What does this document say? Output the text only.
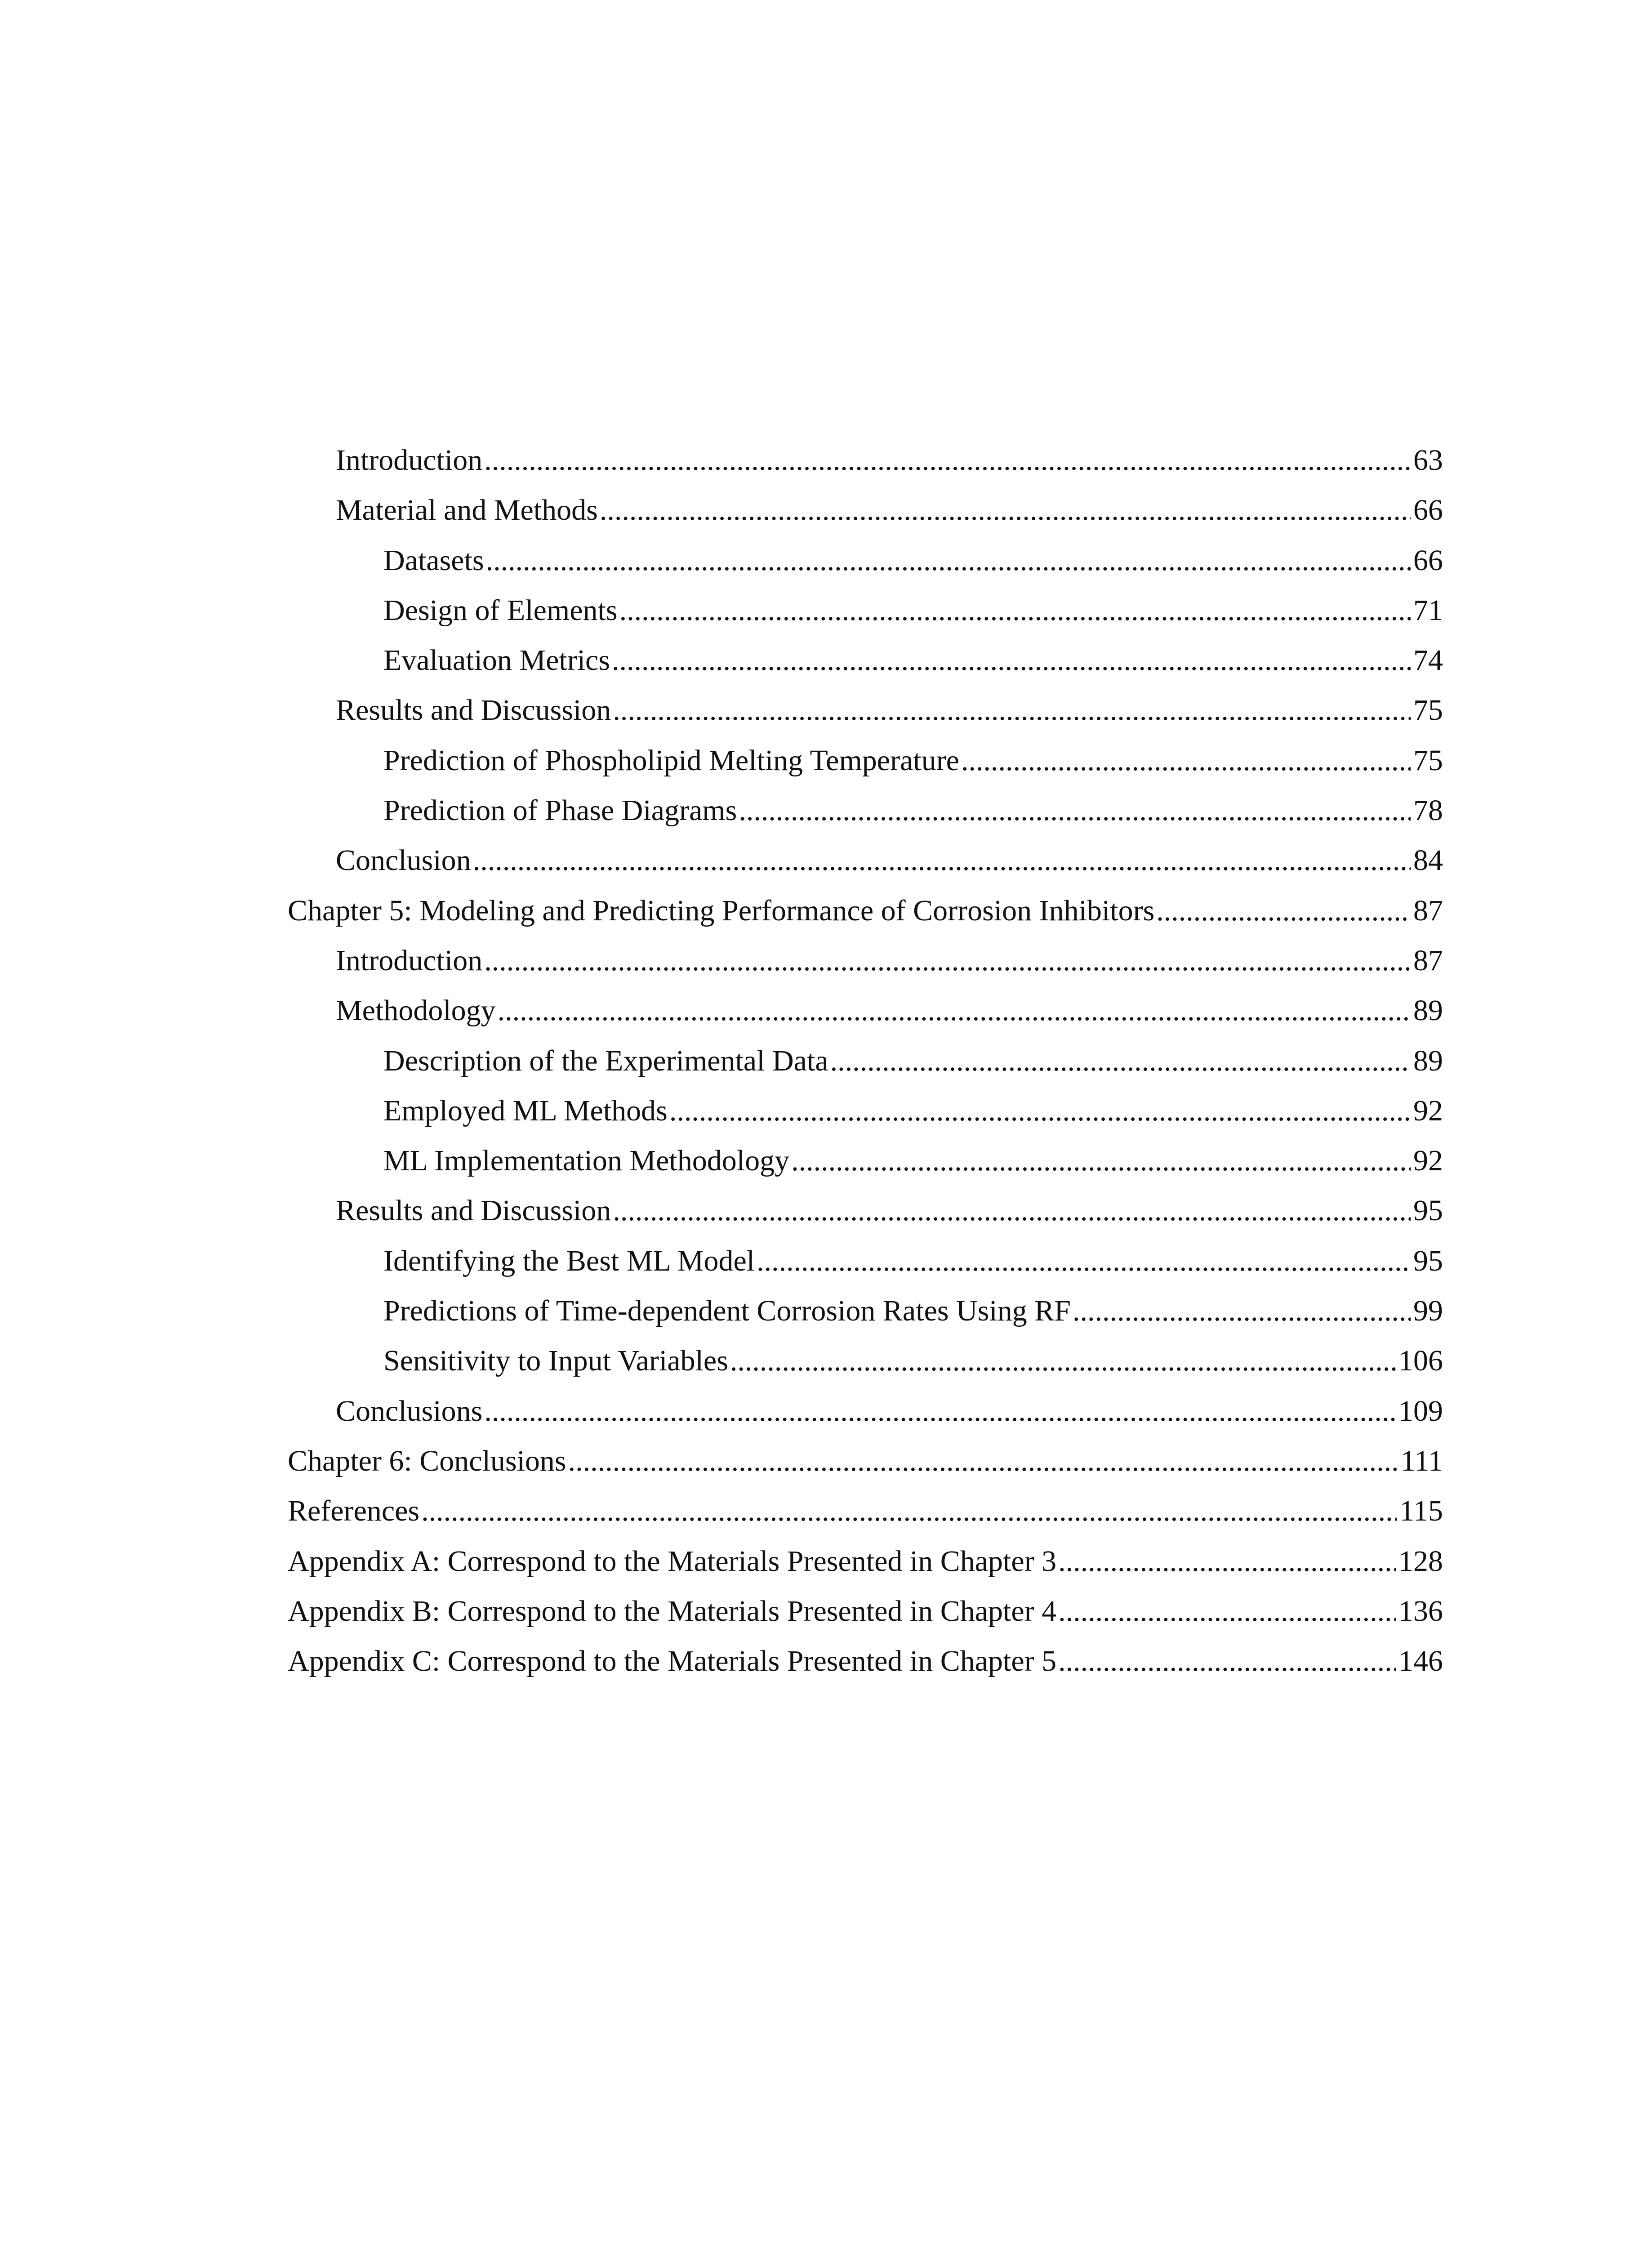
Introduction .....	63
Material and Methods .....	66
Datasets .....	66
Design of Elements .....	71
Evaluation Metrics .....	74
Results and Discussion .....	75
Prediction of Phospholipid Melting Temperature .....	75
Prediction of Phase Diagrams .....	78
Conclusion .....	84
Chapter 5: Modeling and Predicting Performance of Corrosion Inhibitors .....	87
Introduction .....	87
Methodology .....	89
Description of the Experimental Data .....	89
Employed ML Methods .....	92
ML Implementation Methodology .....	92
Results and Discussion .....	95
Identifying the Best ML Model .....	95
Predictions of Time-dependent Corrosion Rates Using RF .....	99
Sensitivity to Input Variables .....	106
Conclusions .....	109
Chapter 6: Conclusions .....	111
References .....	115
Appendix A: Correspond to the Materials Presented in Chapter 3 .....	128
Appendix B: Correspond to the Materials Presented in Chapter 4 .....	136
Appendix C: Correspond to the Materials Presented in Chapter 5 .....	146
